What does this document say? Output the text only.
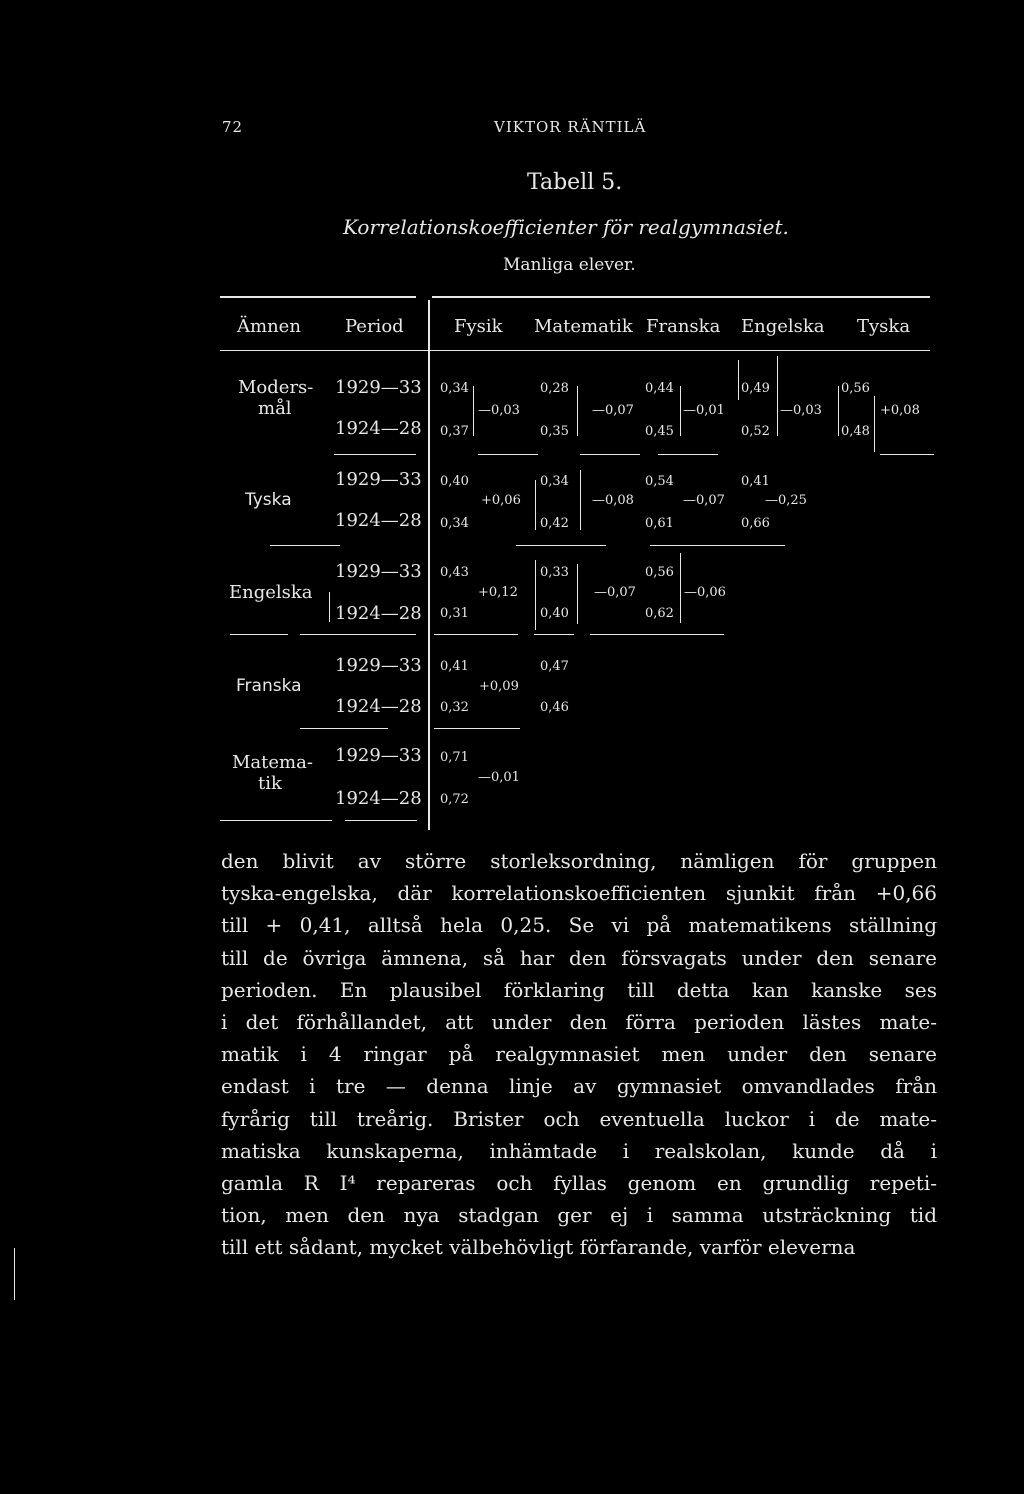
72	VIKTOR RÄNTILÄ
Tabell 5.
Korrelationskoefficienter för realgymnasiet.
Manliga elever.
Ämnen Period	Fysik Matematik Franska Engelska Tyska
Moders-
mål
1929—33
1924—28
0,34
0,37
—0,03
0,28
0,35
—0,07
0,44
0,45
—0,01
0,49
0,52
—0,03
0,56
0,48
+0,08
Tyska
1929—33
1924—28
0,40
0,34
+0,06
0,34
0,42
—0,08
0,54
0,61
—0,07
0,41
0,66
—0,25
Engelska
1929—33
1924—28
0,43
0,31
+0,12
0,33
0,40
—0,07
0,56
0,62
—0,06
Franska
1929—33
1924—28
0,41
0,32
+0,09
0,47
0,46
Matema-
tik
1929—33
1924—28
0,71
0,72
—0,01
den blivit av större storleksordning, nämligen för gruppen
tyska-engelska, där korrelationskoefficienten sjunkit från +0,66
till + 0,41, alltså hela 0,25. Se vi på matematikens ställning
till de övriga ämnena, så har den försvagats under den senare
perioden. En plausibel förklaring till detta kan kanske ses
i det förhållandet, att under den förra perioden lästes mate-
matik i 4 ringar på realgymnasiet men under den senare
endast i tre — denna linje av gymnasiet omvandlades från
fyrårig till treårig. Brister och eventuella luckor i de mate-
matiska kunskaperna, inhämtade i realskolan, kunde då i
gamla R I⁴ repareras och fyllas genom en grundlig repeti-
tion, men den nya stadgan ger ej i samma utsträckning tid
till ett sådant, mycket välbehövligt förfarande, varför eleverna
